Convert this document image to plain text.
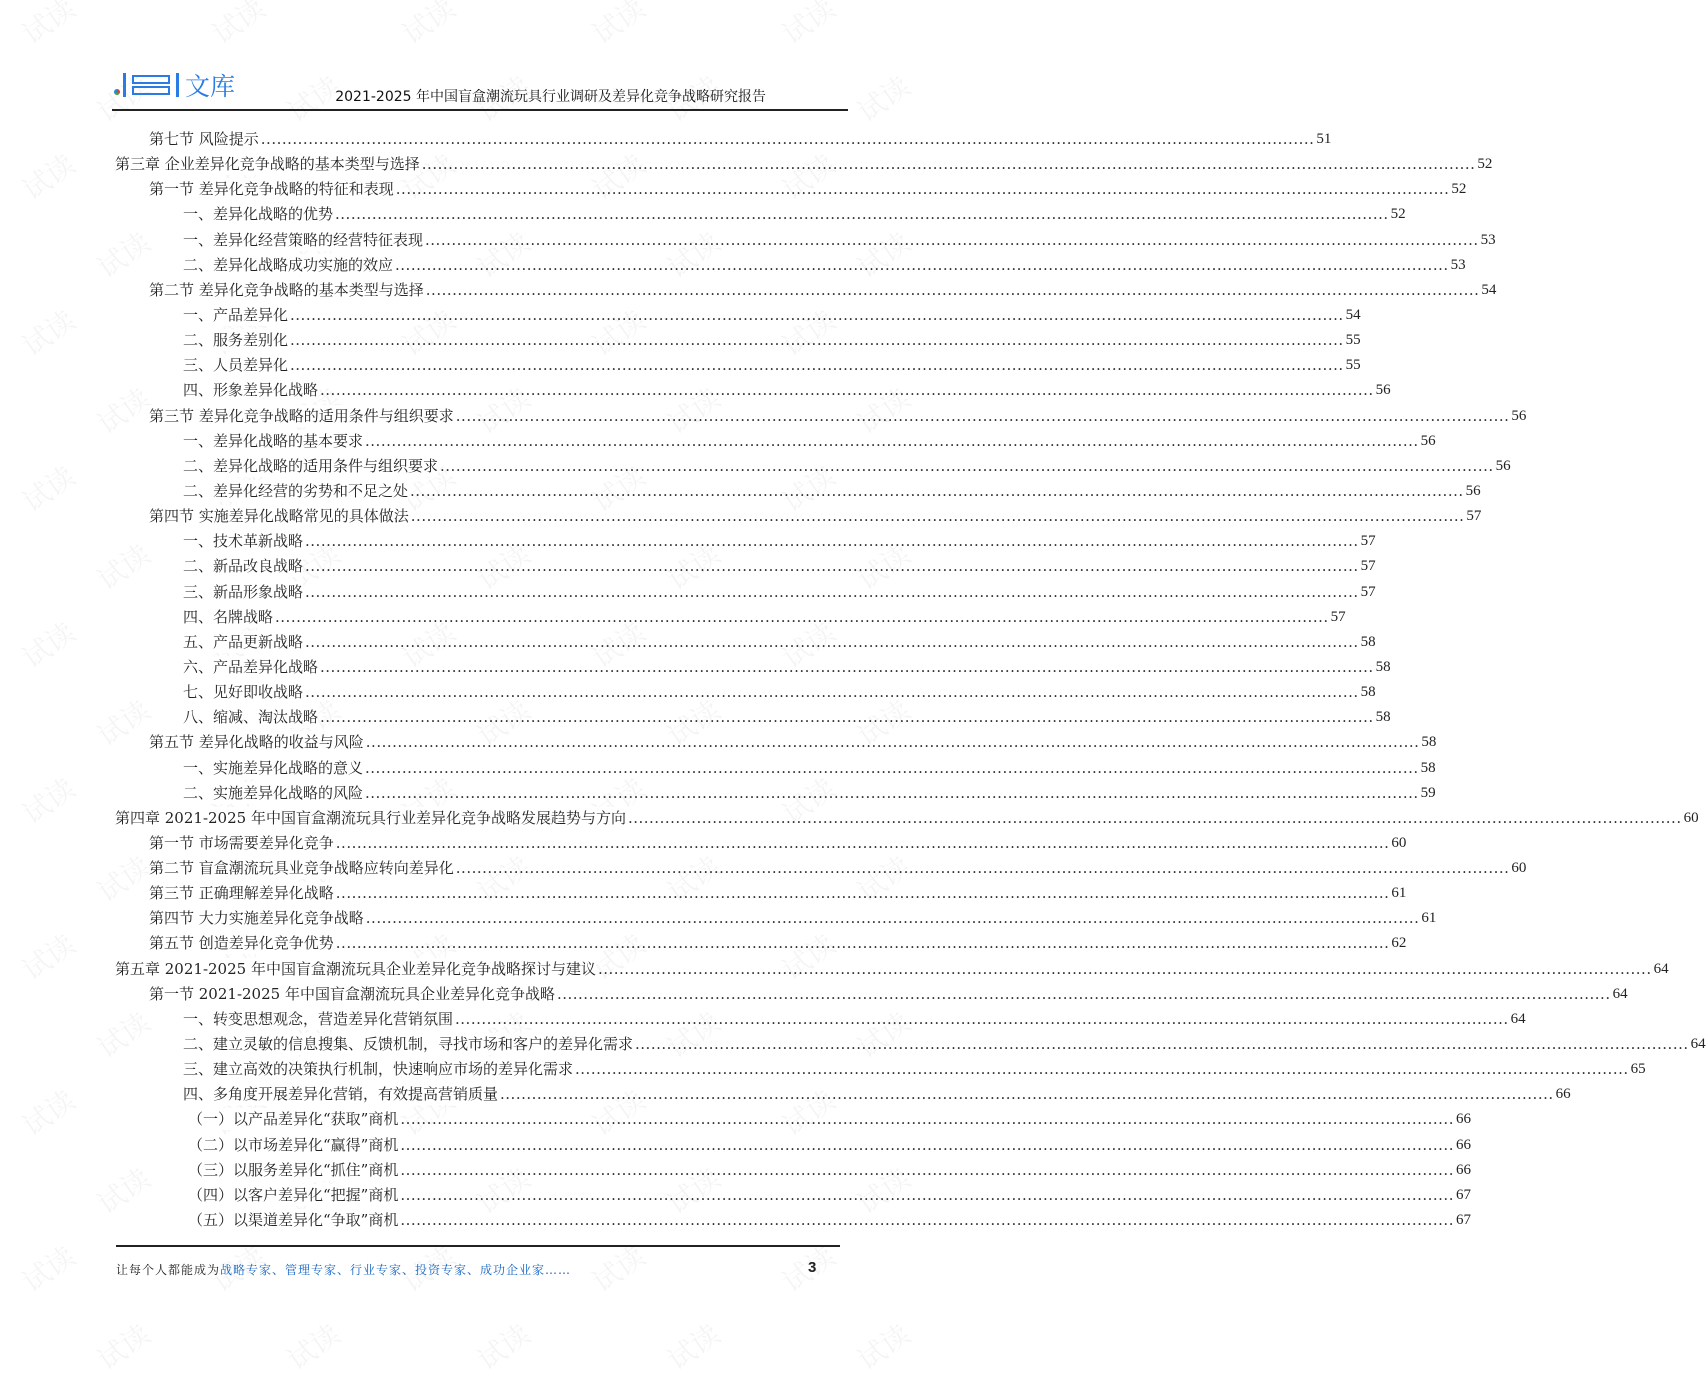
文库	2021-2025 年中国盲盒潮流玩具行业调研及差异化竞争战略研究报告
第七节 风险提示 ........................................................................................................................................................................................................ 51
第三章 企业差异化竞争战略的基本类型与选择 ........................................................................................................................................................................................................ 52
第一节 差异化竞争战略的特征和表现 ........................................................................................................................................................................................................ 52
一、差异化战略的优势 ........................................................................................................................................................................................................ 52
一、差异化经营策略的经营特征表现 ........................................................................................................................................................................................................ 53
二、差异化战略成功实施的效应 ........................................................................................................................................................................................................ 53
第二节 差异化竞争战略的基本类型与选择 ........................................................................................................................................................................................................ 54
一、产品差异化 ........................................................................................................................................................................................................ 54
二、服务差别化 ........................................................................................................................................................................................................ 55
三、人员差异化 ........................................................................................................................................................................................................ 55
四、形象差异化战略 ........................................................................................................................................................................................................ 56
第三节 差异化竞争战略的适用条件与组织要求 ........................................................................................................................................................................................................ 56
一、差异化战略的基本要求 ........................................................................................................................................................................................................ 56
二、差异化战略的适用条件与组织要求 ........................................................................................................................................................................................................ 56
二、差异化经营的劣势和不足之处 ........................................................................................................................................................................................................ 56
第四节 实施差异化战略常见的具体做法 ........................................................................................................................................................................................................ 57
一、技术革新战略 ........................................................................................................................................................................................................ 57
二、新品改良战略 ........................................................................................................................................................................................................ 57
三、新品形象战略 ........................................................................................................................................................................................................ 57
四、名牌战略 ........................................................................................................................................................................................................ 57
五、产品更新战略 ........................................................................................................................................................................................................ 58
六、产品差异化战略 ........................................................................................................................................................................................................ 58
七、见好即收战略 ........................................................................................................................................................................................................ 58
八、缩减、淘汰战略 ........................................................................................................................................................................................................ 58
第五节 差异化战略的收益与风险 ........................................................................................................................................................................................................ 58
一、实施差异化战略的意义 ........................................................................................................................................................................................................ 58
二、实施差异化战略的风险 ........................................................................................................................................................................................................ 59
第四章 2021-2025 年中国盲盒潮流玩具行业差异化竞争战略发展趋势与方向 ........................................................................................................................................................................................................ 60
第一节 市场需要差异化竞争 ........................................................................................................................................................................................................ 60
第二节 盲盒潮流玩具业竞争战略应转向差异化 ........................................................................................................................................................................................................ 60
第三节 正确理解差异化战略 ........................................................................................................................................................................................................ 61
第四节 大力实施差异化竞争战略 ........................................................................................................................................................................................................ 61
第五节 创造差异化竞争优势 ........................................................................................................................................................................................................ 62
第五章 2021-2025 年中国盲盒潮流玩具企业差异化竞争战略探讨与建议 ........................................................................................................................................................................................................ 64
第一节 2021-2025 年中国盲盒潮流玩具企业差异化竞争战略 ........................................................................................................................................................................................................ 64
一、转变思想观念，营造差异化营销氛围 ........................................................................................................................................................................................................ 64
二、建立灵敏的信息搜集、反馈机制，寻找市场和客户的差异化需求 ........................................................................................................................................................................................................ 64
三、建立高效的决策执行机制，快速响应市场的差异化需求 ........................................................................................................................................................................................................ 65
四、多角度开展差异化营销，有效提高营销质量 ........................................................................................................................................................................................................ 66
（一）以产品差异化“获取”商机 ........................................................................................................................................................................................................ 66
（二）以市场差异化“赢得”商机 ........................................................................................................................................................................................................ 66
（三）以服务差异化“抓住”商机 ........................................................................................................................................................................................................ 66
（四）以客户差异化“把握”商机 ........................................................................................................................................................................................................ 67
（五）以渠道差异化“争取”商机 ........................................................................................................................................................................................................ 67
让每个人都能成为战略专家、管理专家、行业专家、投资专家、成功企业家……	3
